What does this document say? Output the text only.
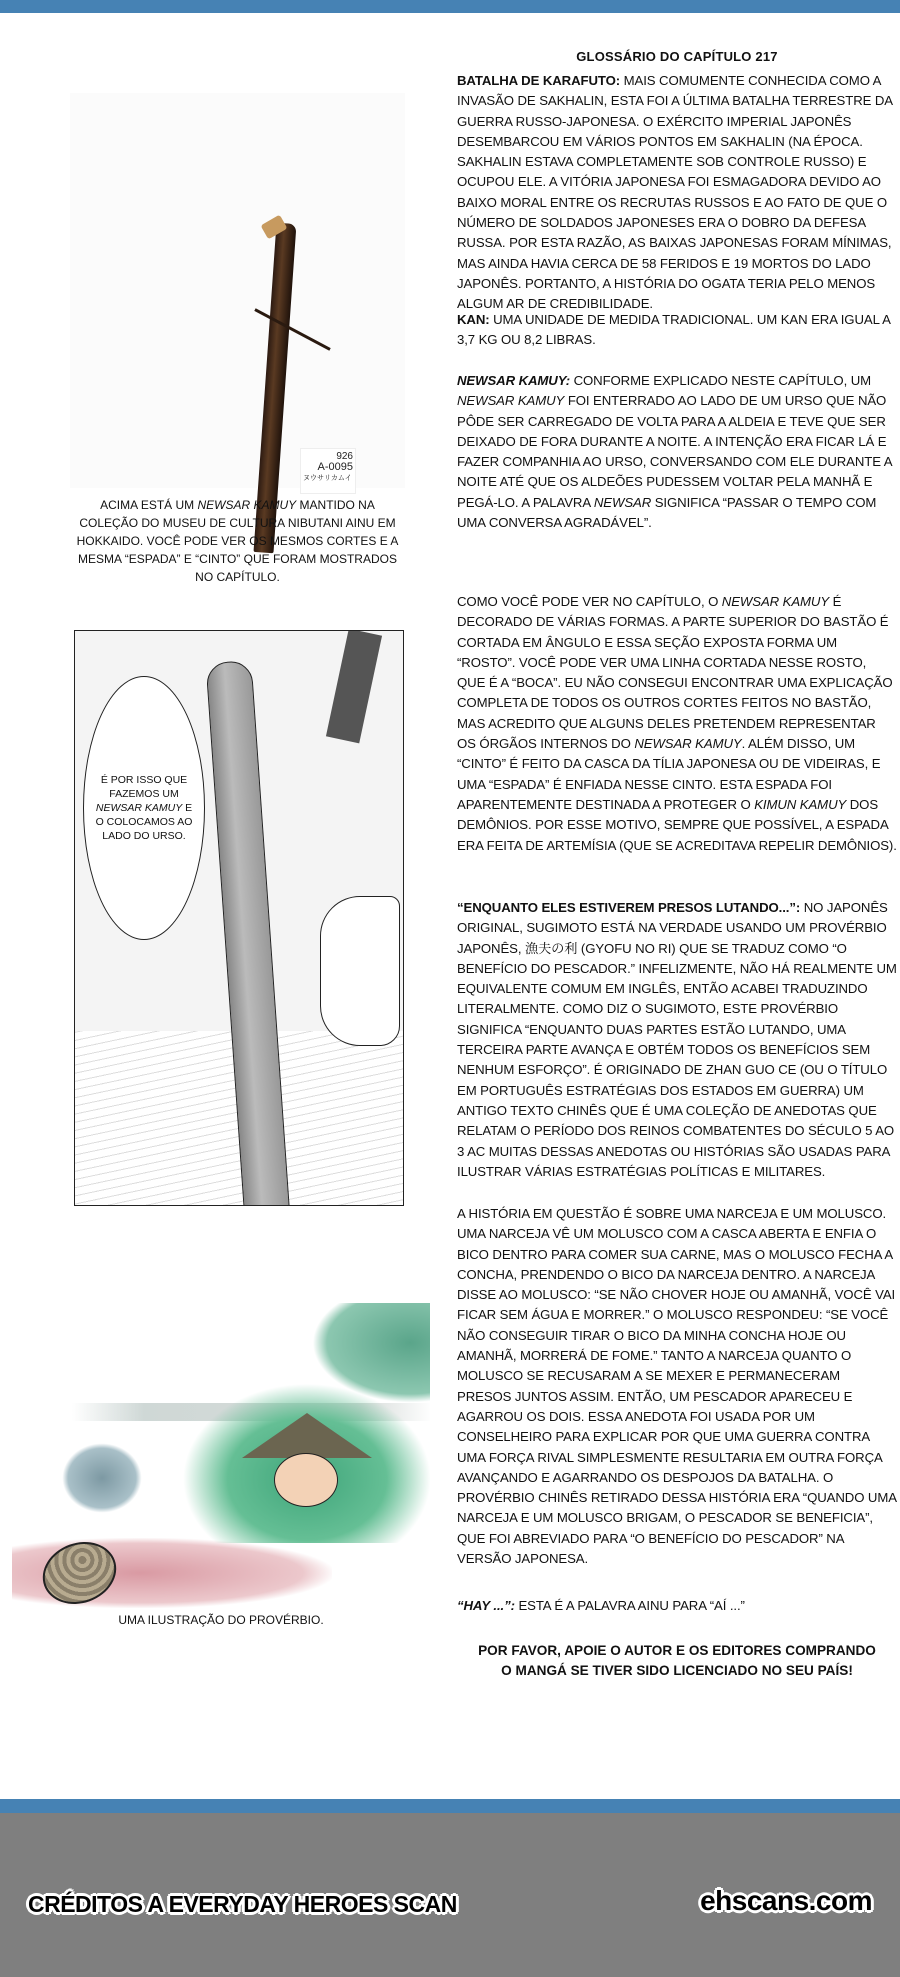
GLOSSÁRIO DO CAPÍTULO 217
BATALHA DE KARAFUTO: MAIS COMUMENTE CONHECIDA COMO A INVASÃO DE SAKHALIN, ESTA FOI A ÚLTIMA BATALHA TERRESTRE DA GUERRA RUSSO-JAPONESA. O EXÉRCITO IMPERIAL JAPONÊS DESEMBARCOU EM VÁRIOS PONTOS EM SAKHALIN (NA ÉPOCA. SAKHALIN ESTAVA COMPLETAMENTE SOB CONTROLE RUSSO) E OCUPOU ELE. A VITÓRIA JAPONESA FOI ESMAGADORA DEVIDO AO BAIXO MORAL ENTRE OS RECRUTAS RUSSOS E AO FATO DE QUE O NÚMERO DE SOLDADOS JAPONESES ERA O DOBRO DA DEFESA RUSSA. POR ESTA RAZÃO, AS BAIXAS JAPONESAS FORAM MÍNIMAS, MAS AINDA HAVIA CERCA DE 58 FERIDOS E 19 MORTOS DO LADO JAPONÊS. PORTANTO, A HISTÓRIA DO OGATA TERIA PELO MENOS ALGUM AR DE CREDIBILIDADE.
KAN: UMA UNIDADE DE MEDIDA TRADICIONAL. UM KAN ERA IGUAL A 3,7 KG OU 8,2 LIBRAS.
NEWSAR KAMUY: CONFORME EXPLICADO NESTE CAPÍTULO, UM NEWSAR KAMUY FOI ENTERRADO AO LADO DE UM URSO QUE NÃO PÔDE SER CARREGADO DE VOLTA PARA A ALDEIA E TEVE QUE SER DEIXADO DE FORA DURANTE A NOITE. A INTENÇÃO ERA FICAR LÁ E FAZER COMPANHIA AO URSO, CONVERSANDO COM ELE DURANTE A NOITE ATÉ QUE OS ALDEÕES PUDESSEM VOLTAR PELA MANHÃ E PEGÁ-LO. A PALAVRA NEWSAR SIGNIFICA “PASSAR O TEMPO COM UMA CONVERSA AGRADÁVEL”.
COMO VOCÊ PODE VER NO CAPÍTULO, O NEWSAR KAMUY É DECORADO DE VÁRIAS FORMAS. A PARTE SUPERIOR DO BASTÃO É CORTADA EM ÂNGULO E ESSA SEÇÃO EXPOSTA FORMA UM “ROSTO”. VOCÊ PODE VER UMA LINHA CORTADA NESSE ROSTO, QUE É A “BOCA”. EU NÃO CONSEGUI ENCONTRAR UMA EXPLICAÇÃO COMPLETA DE TODOS OS OUTROS CORTES FEITOS NO BASTÃO, MAS ACREDITO QUE ALGUNS DELES PRETENDEM REPRESENTAR OS ÓRGÃOS INTERNOS DO NEWSAR KAMUY. ALÉM DISSO, UM “CINTO” É FEITO DA CASCA DA TÍLIA JAPONESA OU DE VIDEIRAS, E UMA “ESPADA” É ENFIADA NESSE CINTO. ESTA ESPADA FOI APARENTEMENTE DESTINADA A PROTEGER O KIMUN KAMUY DOS DEMÔNIOS. POR ESSE MOTIVO, SEMPRE QUE POSSÍVEL, A ESPADA ERA FEITA DE ARTEMÍSIA (QUE SE ACREDITAVA REPELIR DEMÔNIOS).
“ENQUANTO ELES ESTIVEREM PRESOS LUTANDO...”: NO JAPONÊS ORIGINAL, SUGIMOTO ESTÁ NA VERDADE USANDO UM PROVÉRBIO JAPONÊS, 漁夫の利 (GYOFU NO RI) QUE SE TRADUZ COMO “O BENEFÍCIO DO PESCADOR.” INFELIZMENTE, NÃO HÁ REALMENTE UM EQUIVALENTE COMUM EM INGLÊS, ENTÃO ACABEI TRADUZINDO LITERALMENTE. COMO DIZ O SUGIMOTO, ESTE PROVÉRBIO SIGNIFICA “ENQUANTO DUAS PARTES ESTÃO LUTANDO, UMA TERCEIRA PARTE AVANÇA E OBTÉM TODOS OS BENEFÍCIOS SEM NENHUM ESFORÇO”. É ORIGINADO DE ZHAN GUO CE (OU O TÍTULO EM PORTUGUÊS ESTRATÉGIAS DOS ESTADOS EM GUERRA) UM ANTIGO TEXTO CHINÊS QUE É UMA COLEÇÃO DE ANEDOTAS QUE RELATAM O PERÍODO DOS REINOS COMBATENTES DO SÉCULO 5 AO 3 AC MUITAS DESSAS ANEDOTAS OU HISTÓRIAS SÃO USADAS PARA ILUSTRAR VÁRIAS ESTRATÉGIAS POLÍTICAS E MILITARES.
A HISTÓRIA EM QUESTÃO É SOBRE UMA NARCEJA E UM MOLUSCO. UMA NARCEJA VÊ UM MOLUSCO COM A CASCA ABERTA E ENFIA O BICO DENTRO PARA COMER SUA CARNE, MAS O MOLUSCO FECHA A CONCHA, PRENDENDO O BICO DA NARCEJA DENTRO. A NARCEJA DISSE AO MOLUSCO: “SE NÃO CHOVER HOJE OU AMANHÃ, VOCÊ VAI FICAR SEM ÁGUA E MORRER.” O MOLUSCO RESPONDEU: “SE VOCÊ NÃO CONSEGUIR TIRAR O BICO DA MINHA CONCHA HOJE OU AMANHÃ, MORRERÁ DE FOME.” TANTO A NARCEJA QUANTO O MOLUSCO SE RECUSARAM A SE MEXER E PERMANECERAM PRESOS JUNTOS ASSIM. ENTÃO, UM PESCADOR APARECEU E AGARROU OS DOIS. ESSA ANEDOTA FOI USADA POR UM CONSELHEIRO PARA EXPLICAR POR QUE UMA GUERRA CONTRA UMA FORÇA RIVAL SIMPLESMENTE RESULTARIA EM OUTRA FORÇA AVANÇANDO E AGARRANDO OS DESPOJOS DA BATALHA. O PROVÉRBIO CHINÊS RETIRADO DESSA HISTÓRIA ERA “QUANDO UMA NARCEJA E UM MOLUSCO BRIGAM, O PESCADOR SE BENEFICIA”, QUE FOI ABREVIADO PARA “O BENEFÍCIO DO PESCADOR” NA VERSÃO JAPONESA.
“HAY ...”: ESTA É A PALAVRA AINU PARA “AÍ ...”
POR FAVOR, APOIE O AUTOR E OS EDITORES COMPRANDO
O MANGÁ SE TIVER SIDO LICENCIADO NO SEU PAÍS!
926
A-0095
ヌウサリカムイ
ACIMA ESTÁ UM NEWSAR KAMUY MANTIDO NA COLEÇÃO DO MUSEU DE CULTURA NIBUTANI AINU EM HOKKAIDO. VOCÊ PODE VER OS MESMOS CORTES E A MESMA “ESPADA” E “CINTO” QUE FORAM MOSTRADOS NO CAPÍTULO.
É POR ISSO QUE FAZEMOS UM NEWSAR KAMUY E O COLOCAMOS AO LADO DO URSO.
UMA ILUSTRAÇÃO DO PROVÉRBIO.
CRÉDITOS A EVERYDAY HEROES SCAN	ehscans.com
